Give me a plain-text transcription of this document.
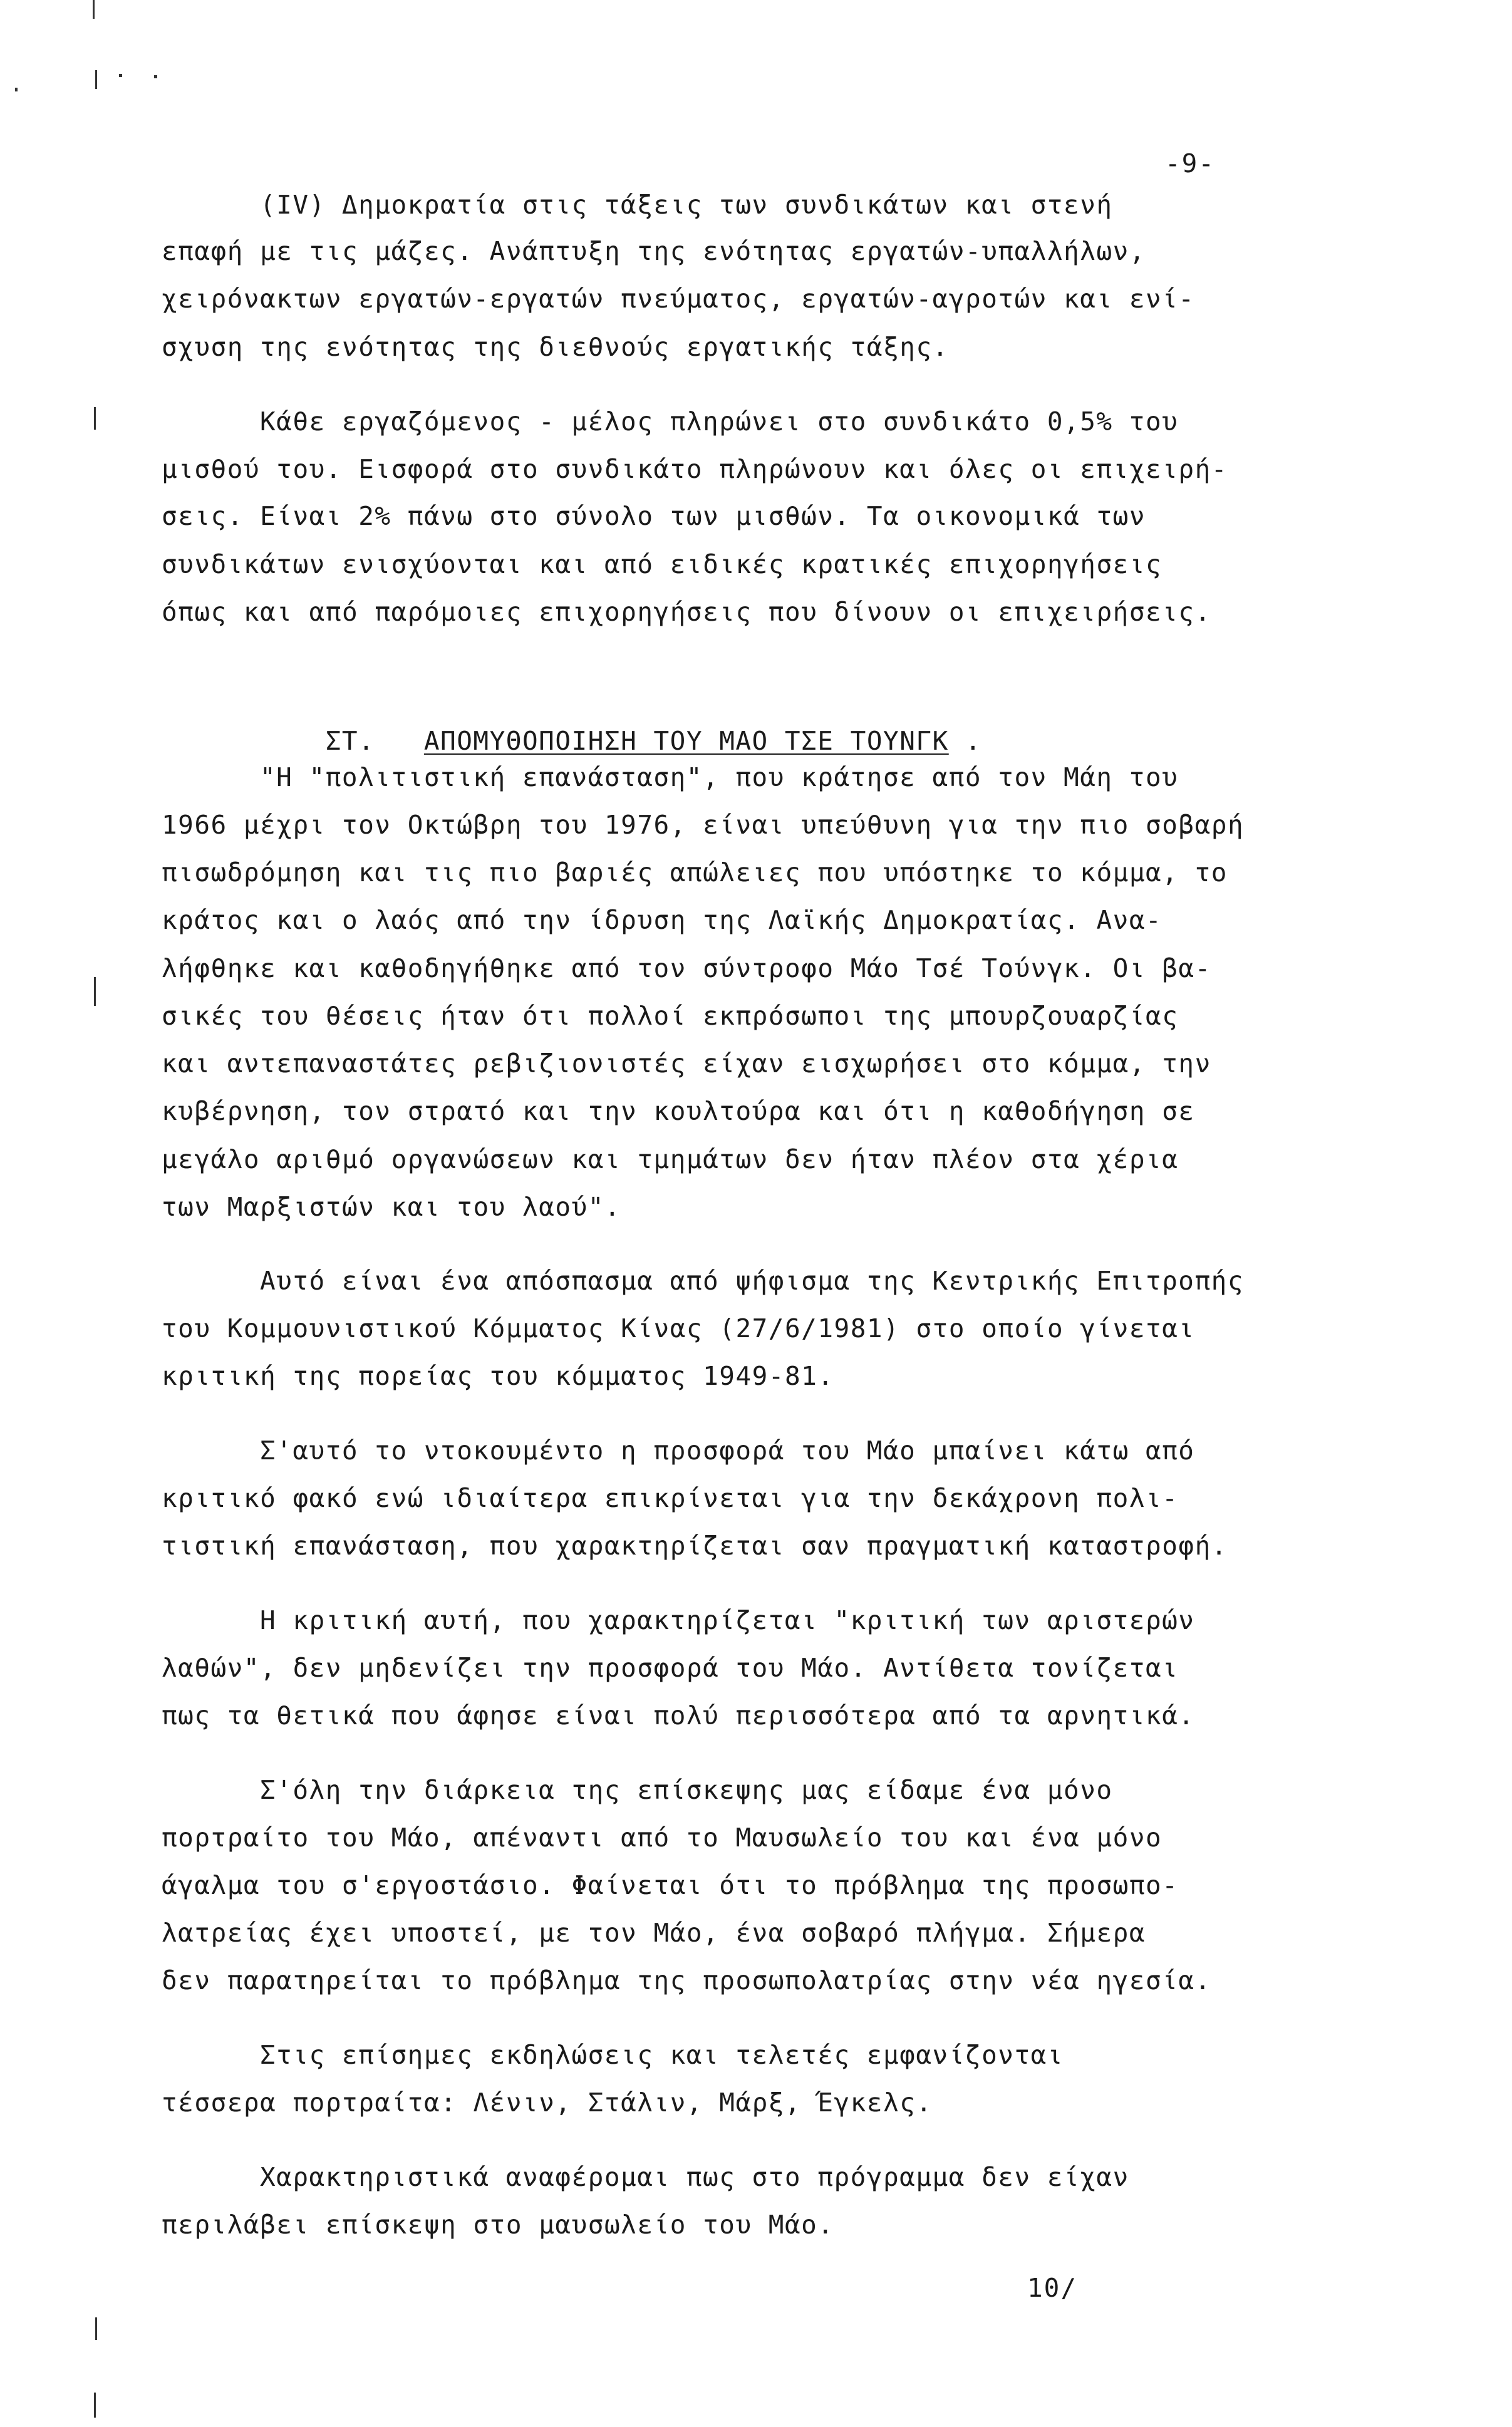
-9-
(IV) Δημοκρατία στις τάξεις των συνδικάτων και στενή
επαφή με τις μάζες. Ανάπτυξη της ενότητας εργατών-υπαλλήλων,
χειρόνακτων εργατών-εργατών πνεύματος, εργατών-αγροτών και ενί-
σχυση της ενότητας της διεθνούς εργατικής τάξης.
Κάθε εργαζόμενος - μέλος πληρώνει στο συνδικάτο 0,5% του
μισθού του. Εισφορά στο συνδικάτο πληρώνουν και όλες οι επιχειρή-
σεις. Είναι 2% πάνω στο σύνολο των μισθών. Τα οικονομικά των
συνδικάτων ενισχύονται και από ειδικές κρατικές επιχορηγήσεις
όπως και από παρόμοιες επιχορηγήσεις που δίνουν οι επιχειρήσεις.

ΣΤ. ΑΠΟΜΥΘΟΠΟΙΗΣΗ ΤΟΥ ΜΑΟ ΤΣΕ ΤΟΥΝΓΚ .

"Η "πολιτιστική επανάσταση", που κράτησε από τον Μάη του
1966 μέχρι τον Οκτώβρη του 1976, είναι υπεύθυνη για την πιο σοβαρή
πισωδρόμηση και τις πιο βαριές απώλειες που υπόστηκε το κόμμα, το
κράτος και ο λαός από την ίδρυση της Λαϊκής Δημοκρατίας. Ανα-
λήφθηκε και καθοδηγήθηκε από τον σύντροφο Μάο Τσέ Τούνγκ. Οι βα-
σικές του θέσεις ήταν ότι πολλοί εκπρόσωποι της μπουρζουαρζίας
και αντεπαναστάτες ρεβιζιονιστές είχαν εισχωρήσει στο κόμμα, την
κυβέρνηση, τον στρατό και την κουλτούρα και ότι η καθοδήγηση σε
μεγάλο αριθμό οργανώσεων και τμημάτων δεν ήταν πλέον στα χέρια
των Μαρξιστών και του λαού".
Αυτό είναι ένα απόσπασμα από ψήφισμα της Κεντρικής Επιτροπής
του Κομμουνιστικού Κόμματος Κίνας (27/6/1981) στο οποίο γίνεται
κριτική της πορείας του κόμματος 1949-81.
Σ'αυτό το ντοκουμέντο η προσφορά του Μάο μπαίνει κάτω από
κριτικό φακό ενώ ιδιαίτερα επικρίνεται για την δεκάχρονη πολι-
τιστική επανάσταση, που χαρακτηρίζεται σαν πραγματική καταστροφή.
Η κριτική αυτή, που χαρακτηρίζεται "κριτική των αριστερών
λαθών", δεν μηδενίζει την προσφορά του Μάο. Αντίθετα τονίζεται
πως τα θετικά που άφησε είναι πολύ περισσότερα από τα αρνητικά.
Σ'όλη την διάρκεια της επίσκεψης μας είδαμε ένα μόνο
πορτραίτο του Μάο, απέναντι από το Μαυσωλείο του και ένα μόνο
άγαλμα του σ'εργοστάσιο. Φαίνεται ότι το πρόβλημα της προσωπο-
λατρείας έχει υποστεί, με τον Μάο, ένα σοβαρό πλήγμα. Σήμερα
δεν παρατηρείται το πρόβλημα της προσωπολατρίας στην νέα ηγεσία.
Στις επίσημες εκδηλώσεις και τελετές εμφανίζονται
τέσσερα πορτραίτα: Λένιν, Στάλιν, Μάρξ, Έγκελς.
Χαρακτηριστικά αναφέρομαι πως στο πρόγραμμα δεν είχαν
περιλάβει επίσκεψη στο μαυσωλείο του Μάο.
10/
